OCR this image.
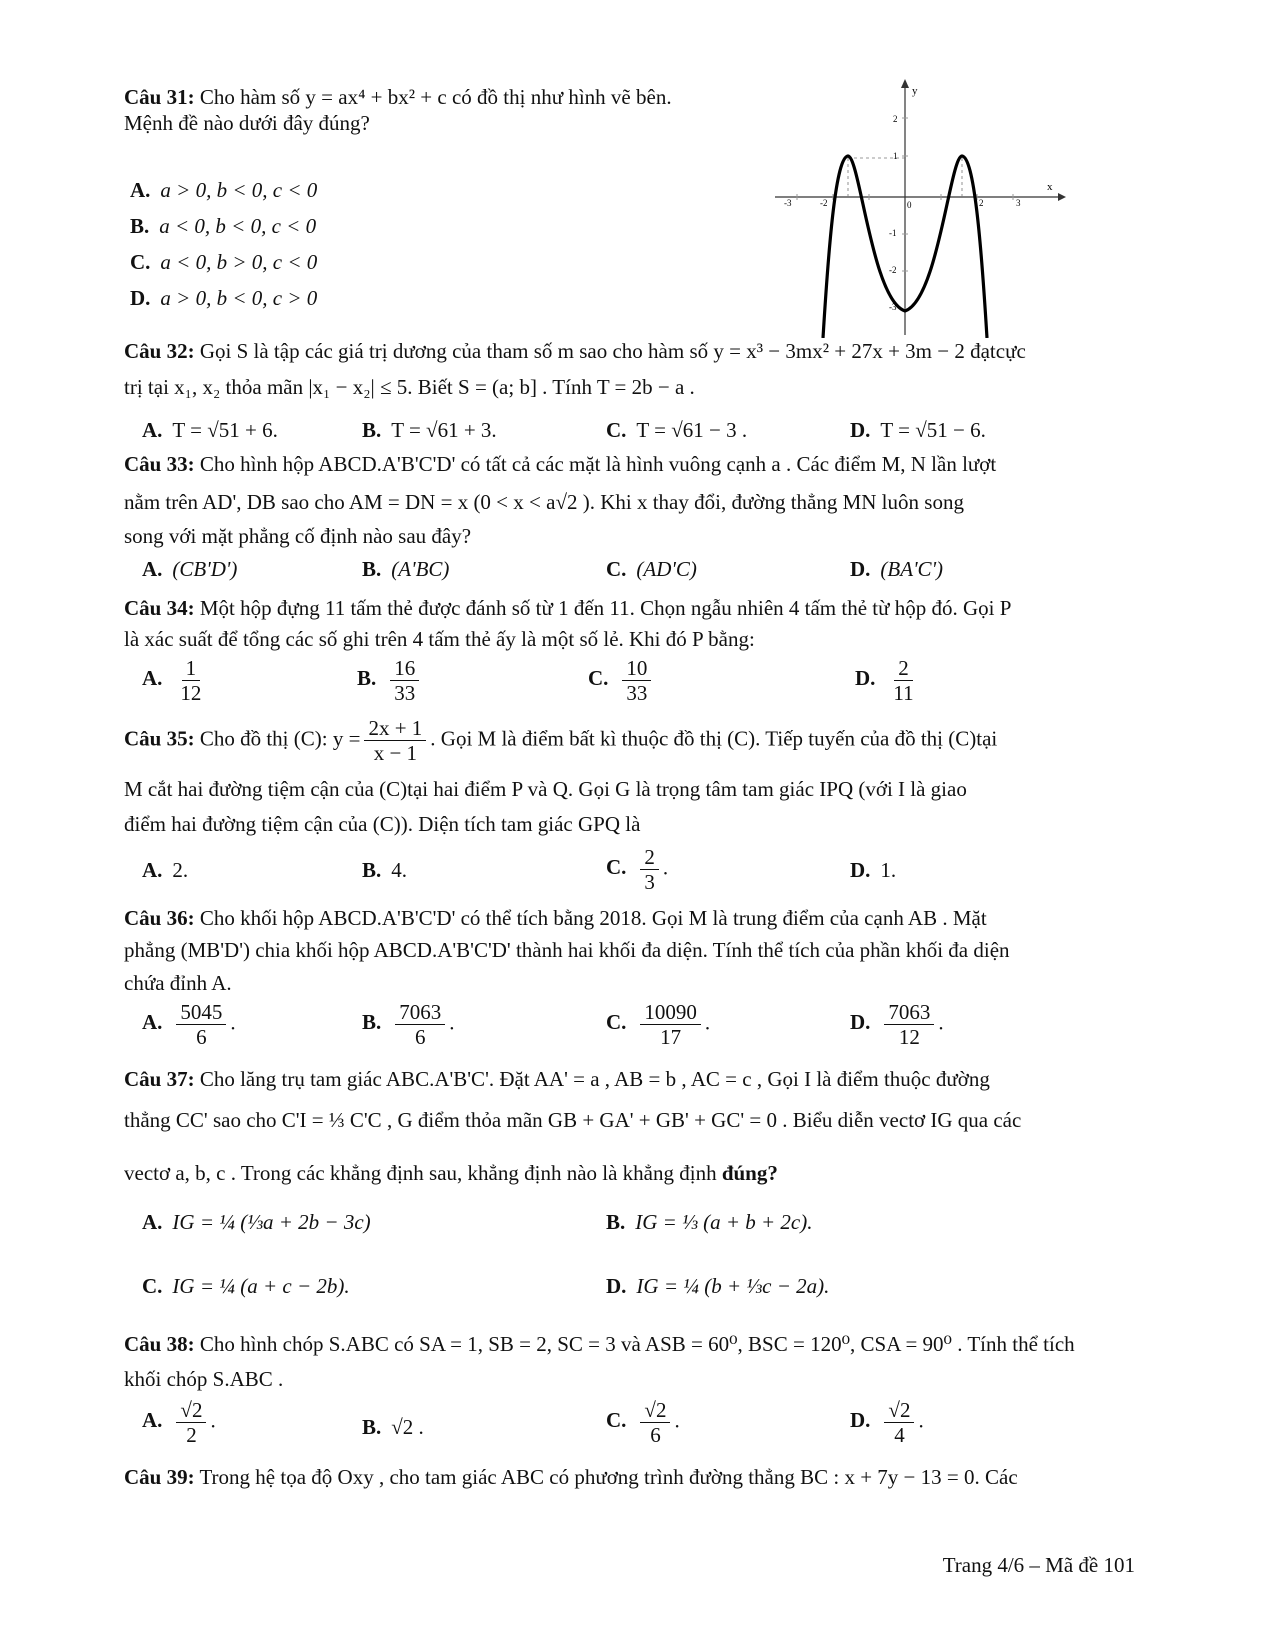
Câu 31: Cho hàm số y = ax⁴ + bx² + c có đồ thị như hình vẽ bên.
Mệnh đề nào dưới đây đúng?
A. a > 0, b < 0, c < 0
B. a < 0, b < 0, c < 0
C. a < 0, b > 0, c < 0
D. a > 0, b < 0, c > 0
x
y
0
-3	-2	2	3
2
1
-1
-2
-3
Câu 32: Gọi S là tập các giá trị dương của tham số m sao cho hàm số y = x³ − 3mx² + 27x + 3m − 2 đạtcực
trị tại x₁, x₂ thỏa mãn |x₁ − x₂| ≤ 5. Biết S = (a; b] . Tính T = 2b − a .
A. T = √51 + 6.	B. T = √61 + 3.	C. T = √61 − 3 .	D. T = √51 − 6.
Câu 33: Cho hình hộp ABCD.A'B'C'D' có tất cả các mặt là hình vuông cạnh a . Các điểm M, N lần lượt
nằm trên AD', DB sao cho AM = DN = x (0 < x < a√2 ). Khi x thay đổi, đường thẳng MN luôn song
song với mặt phẳng cố định nào sau đây?
A. (CB'D')	B. (A'BC)	C. (AD'C)	D. (BA'C')
Câu 34: Một hộp đựng 11 tấm thẻ được đánh số từ 1 đến 11. Chọn ngẫu nhiên 4 tấm thẻ từ hộp đó. Gọi P
là xác suất để tổng các số ghi trên 4 tấm thẻ ấy là một số lẻ. Khi đó P bằng:
A. $\frac{1}{12}$	B. $\frac{16}{33}$	C. $\frac{10}{33}$	D. $\frac{2}{11}$
Câu 35: Cho đồ thị (C): $y = \frac{2x + 1}{x - 1}$ . Gọi M là điểm bất kì thuộc đồ thị (C). Tiếp tuyến của đồ thị (C)tại
M cắt hai đường tiệm cận của (C)tại hai điểm P và Q. Gọi G là trọng tâm tam giác IPQ (với I là giao
điểm hai đường tiệm cận của (C)). Diện tích tam giác GPQ là
A. 2.	B. 4.	C. $\frac{2}{3}$ .	D. 1.
Câu 36: Cho khối hộp ABCD.A'B'C'D' có thể tích bằng 2018. Gọi M là trung điểm của cạnh AB . Mặt
phẳng (MB'D') chia khối hộp ABCD.A'B'C'D' thành hai khối đa diện. Tính thể tích của phần khối đa diện
chứa đỉnh A.
A. $\frac{5045}{6}$ .	B. $\frac{7063}{6}$ .	C. $\frac{10090}{17}$ .	D. $\frac{7063}{12}$ .
Câu 37: Cho lăng trụ tam giác ABC.A'B'C'. Đặt AA' = a , AB = b , AC = c , Gọi I là điểm thuộc đường
thẳng CC' sao cho C'I = ⅓ C'C , G điểm thỏa mãn GB + GA' + GB' + GC' = 0 . Biểu diễn vectơ IG qua các
vectơ a, b, c . Trong các khẳng định sau, khẳng định nào là khẳng định đúng?
A. IG = ¼ (⅓a + 2b − 3c)	B. IG = ⅓ (a + b + 2c).
C. IG = ¼ (a + c − 2b).	D. IG = ¼ (b + ⅓c − 2a).
Câu 38: Cho hình chóp S.ABC có SA = 1, SB = 2, SC = 3 và ASB = 60⁰, BSC = 120⁰, CSA = 90⁰ . Tính thể tích
khối chóp S.ABC .
A. $\frac{√2}{2}$ .	B. √2 .	C. $\frac{√2}{6}$ .	D. $\frac{√2}{4}$ .
Câu 39: Trong hệ tọa độ Oxy , cho tam giác ABC có phương trình đường thẳng BC : x + 7y − 13 = 0. Các
Trang 4/6 – Mã đề 101
